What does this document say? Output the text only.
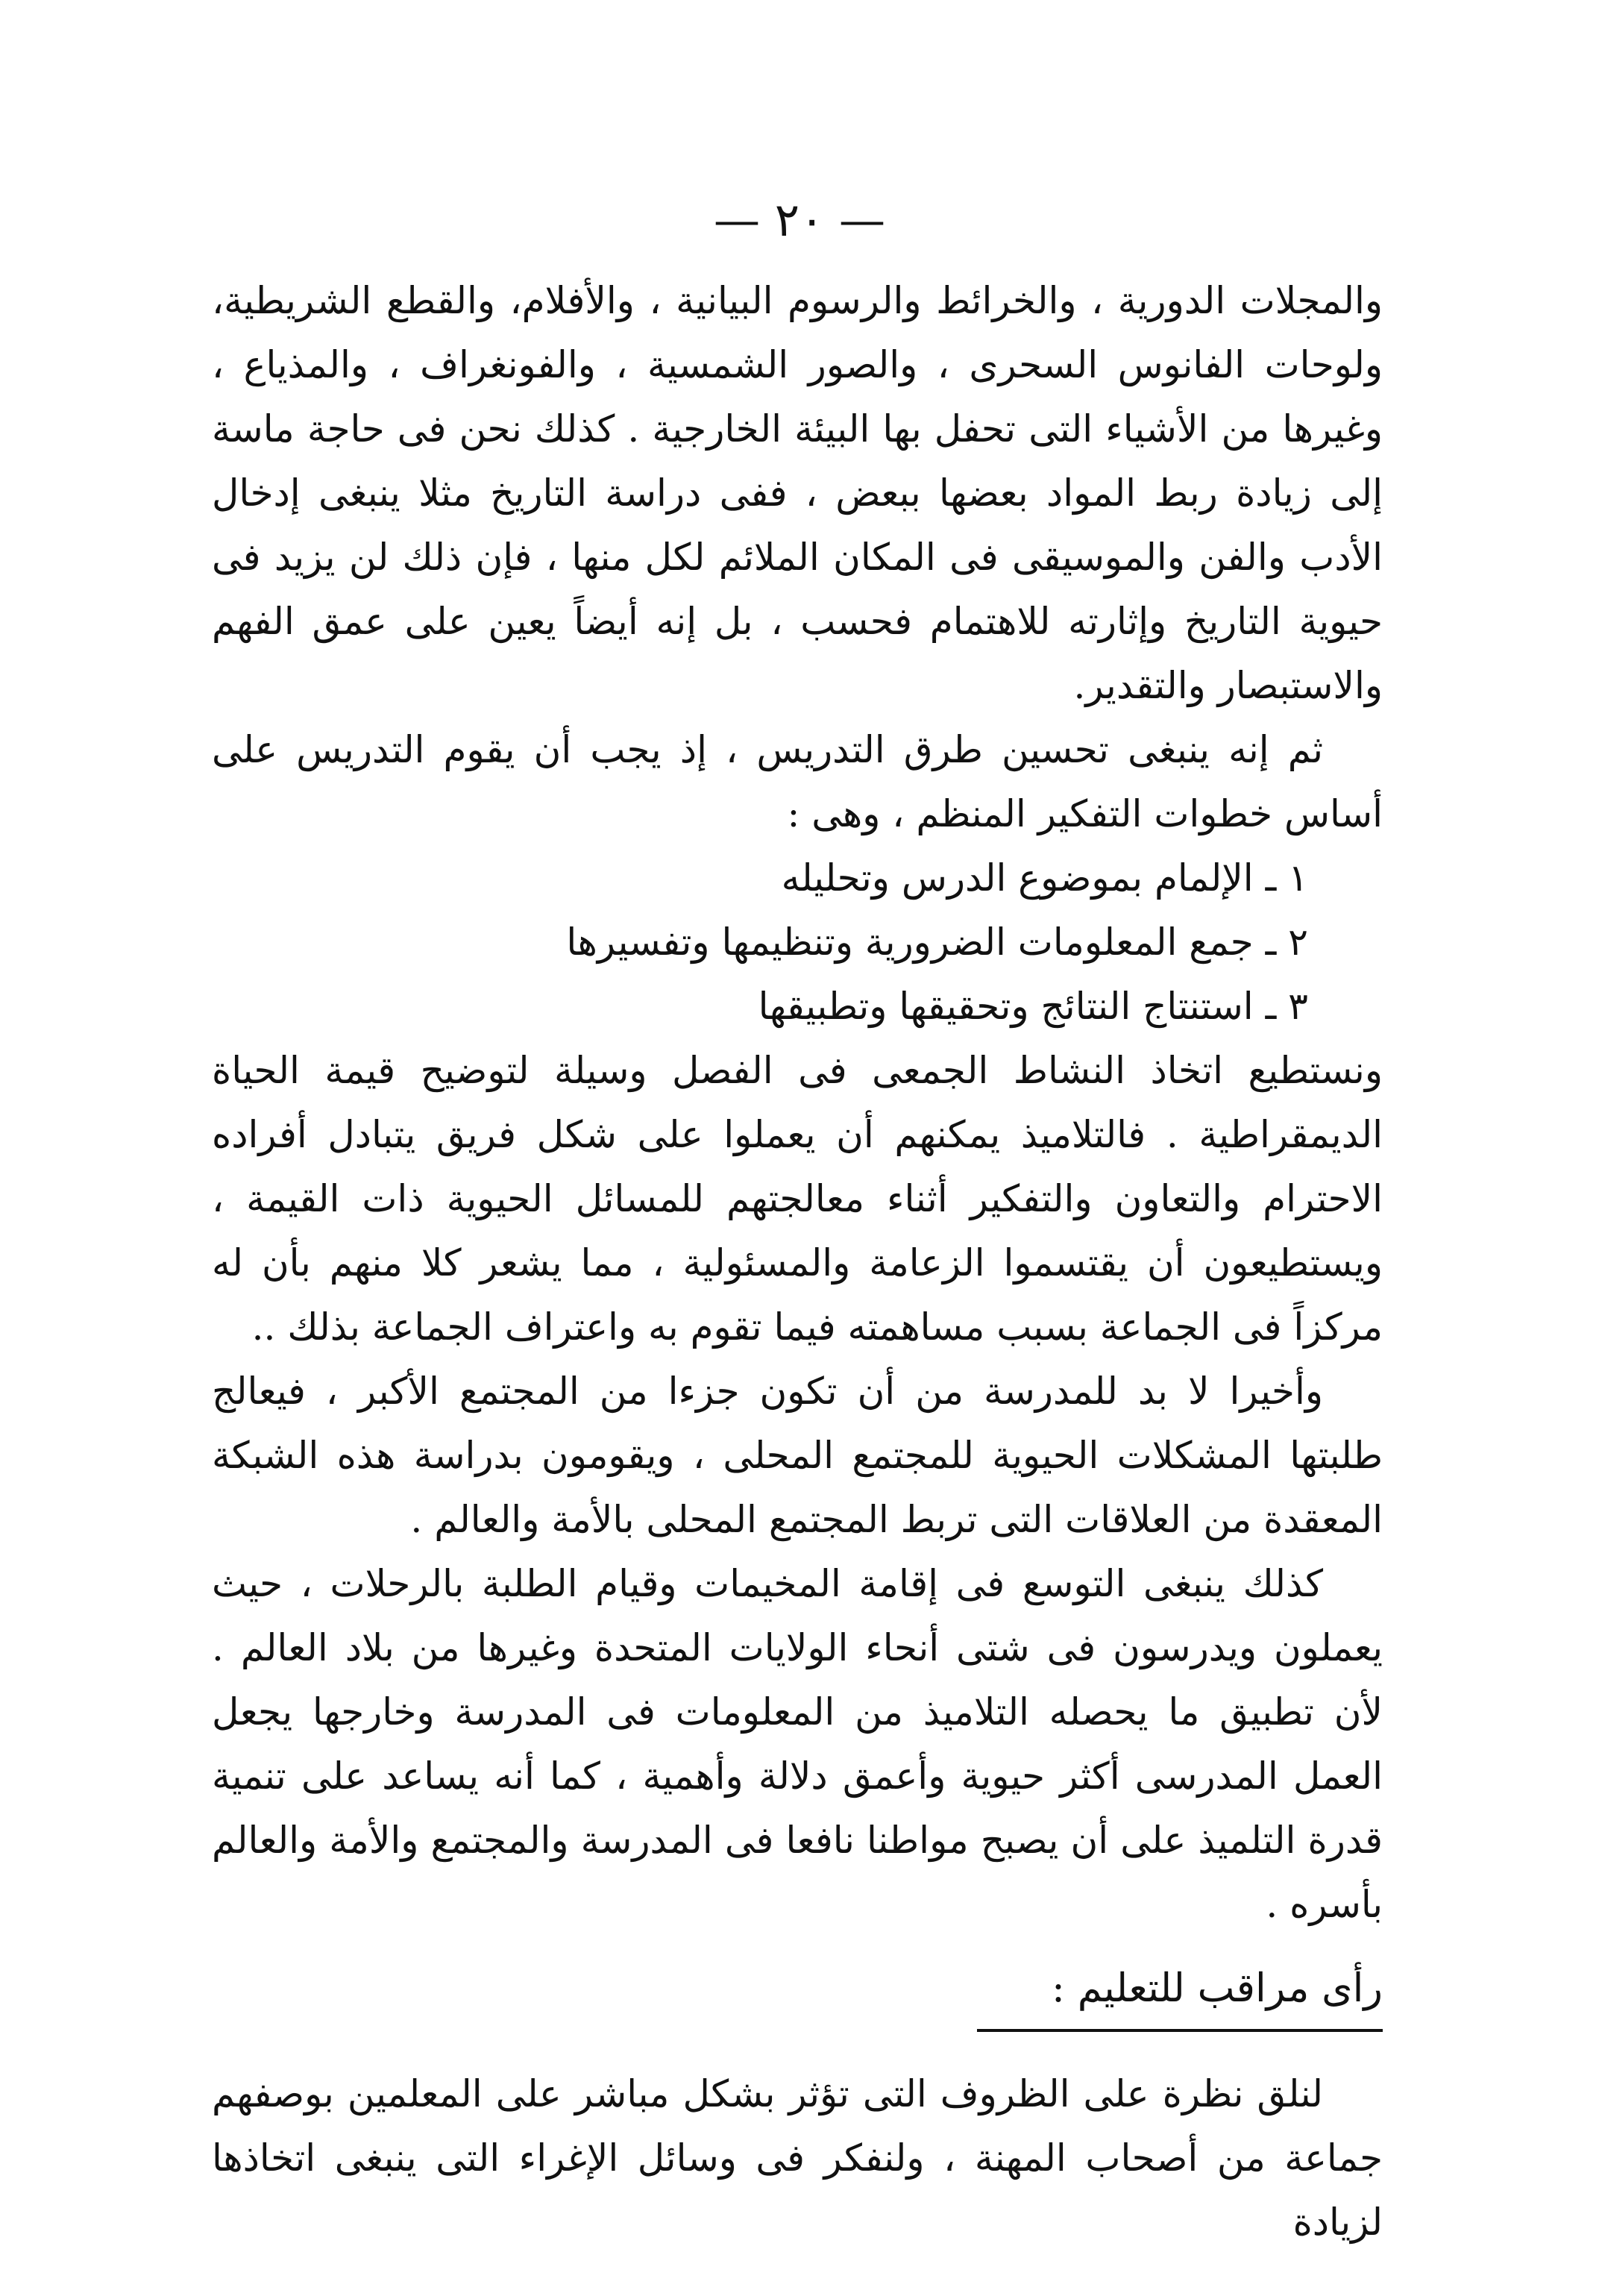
— ٢٠ —

والمجلات الدورية ، والخرائط والرسوم البيانية ، والأفلام، والقطع الشريطية، ولوحات الفانوس السحرى ، والصور الشمسية ، والفونغراف ، والمذياع ، وغيرها من الأشياء التى تحفل بها البيئة الخارجية . كذلك نحن فى حاجة ماسة إلى زيادة ربط المواد بعضها ببعض ، ففى دراسة التاريخ مثلا ينبغى إدخال الأدب والفن والموسيقى فى المكان الملائم لكل منها ، فإن ذلك لن يزيد فى حيوية التاريخ وإثارته للاهتمام فحسب ، بل إنه أيضاً يعين على عمق الفهم والاستبصار والتقدير.

ثم إنه ينبغى تحسين طرق التدريس ، إذ يجب أن يقوم التدريس على أساس خطوات التفكير المنظم ، وهى :

١ ـ الإلمام بموضوع الدرس وتحليله
٢ ـ جمع المعلومات الضرورية وتنظيمها وتفسيرها
٣ ـ استنتاج النتائج وتحقيقها وتطبيقها

ونستطيع اتخاذ النشاط الجمعى فى الفصل وسيلة لتوضيح قيمة الحياة الديمقراطية . فالتلاميذ يمكنهم أن يعملوا على شكل فريق يتبادل أفراده الاحترام والتعاون والتفكير أثناء معالجتهم للمسائل الحيوية ذات القيمة ، ويستطيعون أن يقتسموا الزعامة والمسئولية ، مما يشعر كلا منهم بأن له مركزاً فى الجماعة بسبب مساهمته فيما تقوم به واعتراف الجماعة بذلك ..

وأخيرا لا بد للمدرسة من أن تكون جزءا من المجتمع الأكبر ، فيعالج طلبتها المشكلات الحيوية للمجتمع المحلى ، ويقومون بدراسة هذه الشبكة المعقدة من العلاقات التى تربط المجتمع المحلى بالأمة والعالم .

كذلك ينبغى التوسع فى إقامة المخيمات وقيام الطلبة بالرحلات ، حيث يعملون ويدرسون فى شتى أنحاء الولايات المتحدة وغيرها من بلاد العالم . لأن تطبيق ما يحصله التلاميذ من المعلومات فى المدرسة وخارجها يجعل العمل المدرسى أكثر حيوية وأعمق دلالة وأهمية ، كما أنه يساعد على تنمية قدرة التلميذ على أن يصبح مواطنا نافعا فى المدرسة والمجتمع والأمة والعالم بأسره .

رأى مراقب للتعليم :

لنلق نظرة على الظروف التى تؤثر بشكل مباشر على المعلمين بوصفهم جماعة من أصحاب المهنة ، ولنفكر فى وسائل الإغراء التى ينبغى اتخاذها لزيادة
